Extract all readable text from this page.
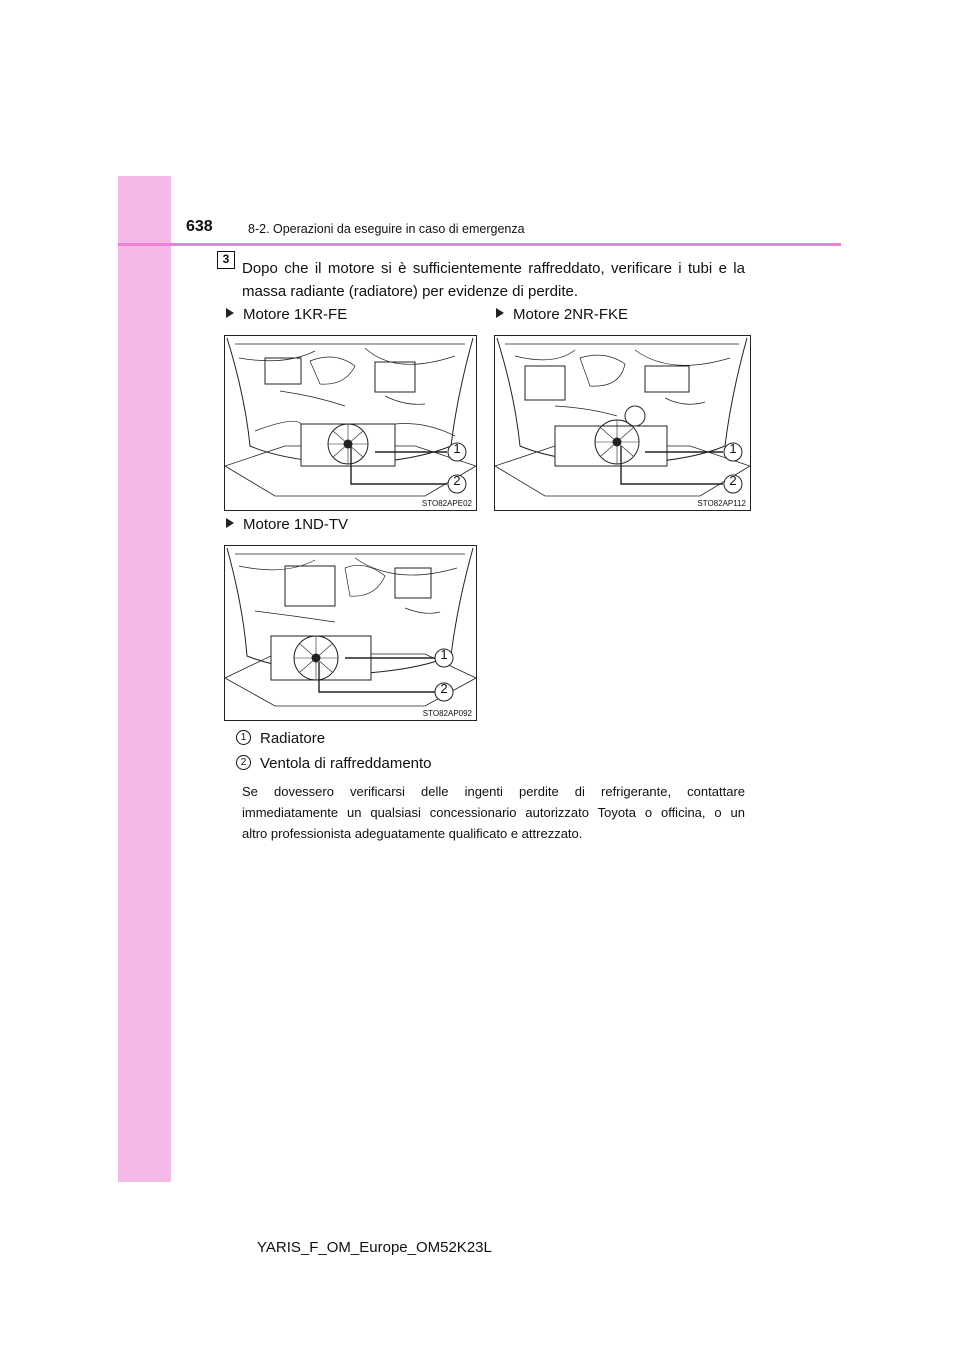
638	8-2. Operazioni da eseguire in caso di emergenza
3
Dopo che il motore si è sufficientemente raffreddato, verificare i tubi e la
massa radiante (radiatore) per evidenze di perdite.
Motore 1KR-FE	Motore 2NR-FKE
Motore 1ND-TV
1
2
STO82APE02
1
2
STO82AP112
1
2
STO82AP092
1 Radiatore
2 Ventola di raffreddamento
Se dovessero verificarsi delle ingenti perdite di refrigerante, contattare
immediatamente un qualsiasi concessionario autorizzato Toyota o officina, o un
altro professionista adeguatamente qualificato e attrezzato.
YARIS_F_OM_Europe_OM52K23L
